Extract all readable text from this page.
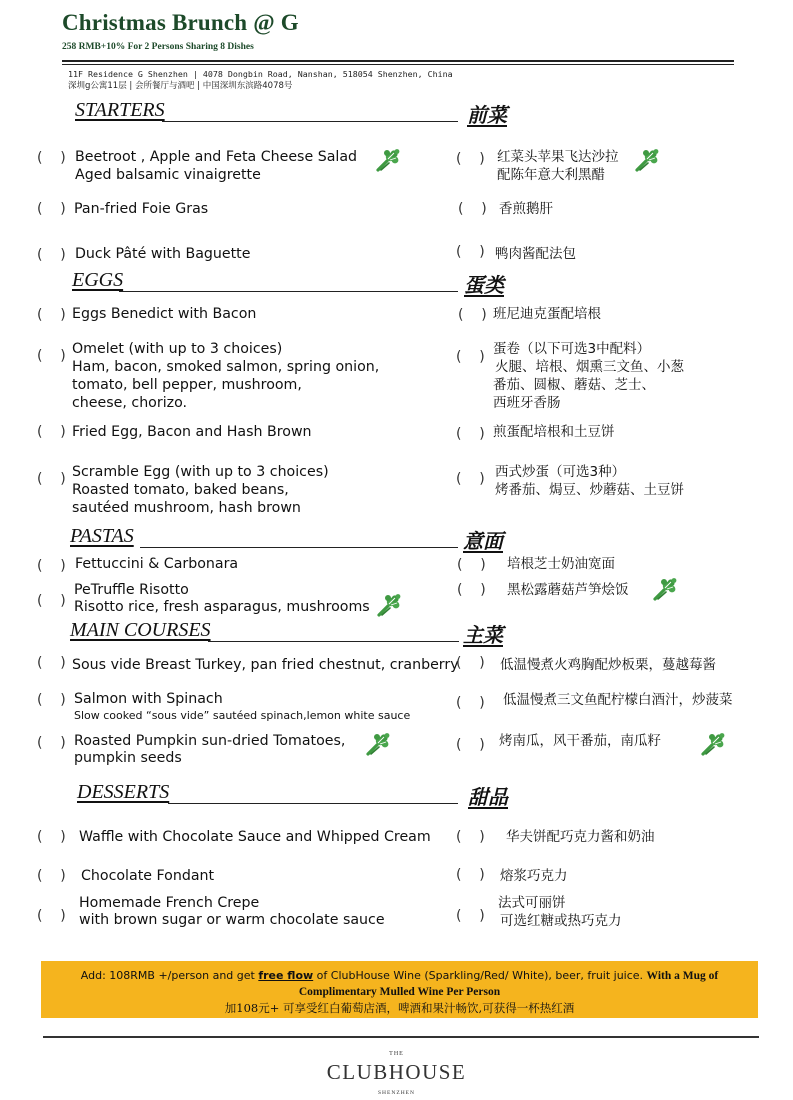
Christmas Brunch @ G
258 RMB+10% For 2 Persons Sharing 8 Dishes
11F Residence G Shenzhen | 4078 Dongbin Road, Nanshan, 518054 Shenzhen, China
深圳g公寓11层 | 会所餐厅与酒吧 | 中国深圳东滨路4078号
STARTERS	前菜
(    ) Beetroot , Apple and Feta Cheese Salad
Aged balsamic vinaigrette
(    ) 红菜头苹果飞达沙拉
配陈年意大利黑醋
(    ) Pan-fried Foie Gras	(    ) 香煎鹅肝
(    ) Duck Pâté with Baguette	(    ) 鸭肉酱配法包
EGGS	蛋类
(    ) Eggs Benedict with Bacon	(    ) 班尼迪克蛋配培根
(    ) Omelet (with up to 3 choices)
Ham, bacon, smoked salmon, spring onion,
tomato, bell pepper, mushroom,
cheese, chorizo.
(    ) 蛋卷（以下可选3中配料）
火腿、培根、烟熏三文鱼、小葱
番茄、圆椒、蘑菇、芝士、
西班牙香肠
(    ) Fried Egg, Bacon and Hash Brown	(    ) 煎蛋配培根和土豆饼
(    ) Scramble Egg (with up to 3 choices)
Roasted tomato, baked beans,
sautéed mushroom, hash brown
(    ) 西式炒蛋（可选3种）
烤番茄、焗豆、炒蘑菇、土豆饼
PASTAS	意面
(    ) Fettuccini & Carbonara	(    ) 培根芝士奶油宽面
(    )
PeTruffle Risotto
Risotto rice, fresh asparagus, mushrooms
(    ) 黑松露蘑菇芦笋烩饭
MAIN COURSES	主菜
(    ) Sous vide Breast Turkey, pan fried chestnut, cranberry
(    ) 低温慢煮火鸡胸配炒板栗，蔓越莓酱
(    ) Salmon with Spinach
Slow cooked “sous vide” sautéed spinach,lemon white sauce
(    ) 低温慢煮三文鱼配柠檬白酒汁，炒菠菜
(    ) Roasted Pumpkin sun-dried Tomatoes,
pumpkin seeds
(    ) 烤南瓜，风干番茄，南瓜籽
DESSERTS	甜品
(    ) Waffle with Chocolate Sauce and Whipped Cream (    ) 华夫饼配巧克力酱和奶油
(    ) Chocolate Fondant	(    ) 熔浆巧克力
(    )
Homemade French Crepe
with brown sugar or warm chocolate sauce	(    )
法式可丽饼
可选红糖或热巧克力
Add: 108RMB +/person and get free flow of ClubHouse Wine (Sparkling/Red/ White), beer, fruit juice. With a Mug of Complimentary Mulled Wine Per Person
加108元+ 可享受红白葡萄店酒，啤酒和果汁畅饮,可获得一杯热红酒
THE
CLUBHOUSE
SHENZHEN
